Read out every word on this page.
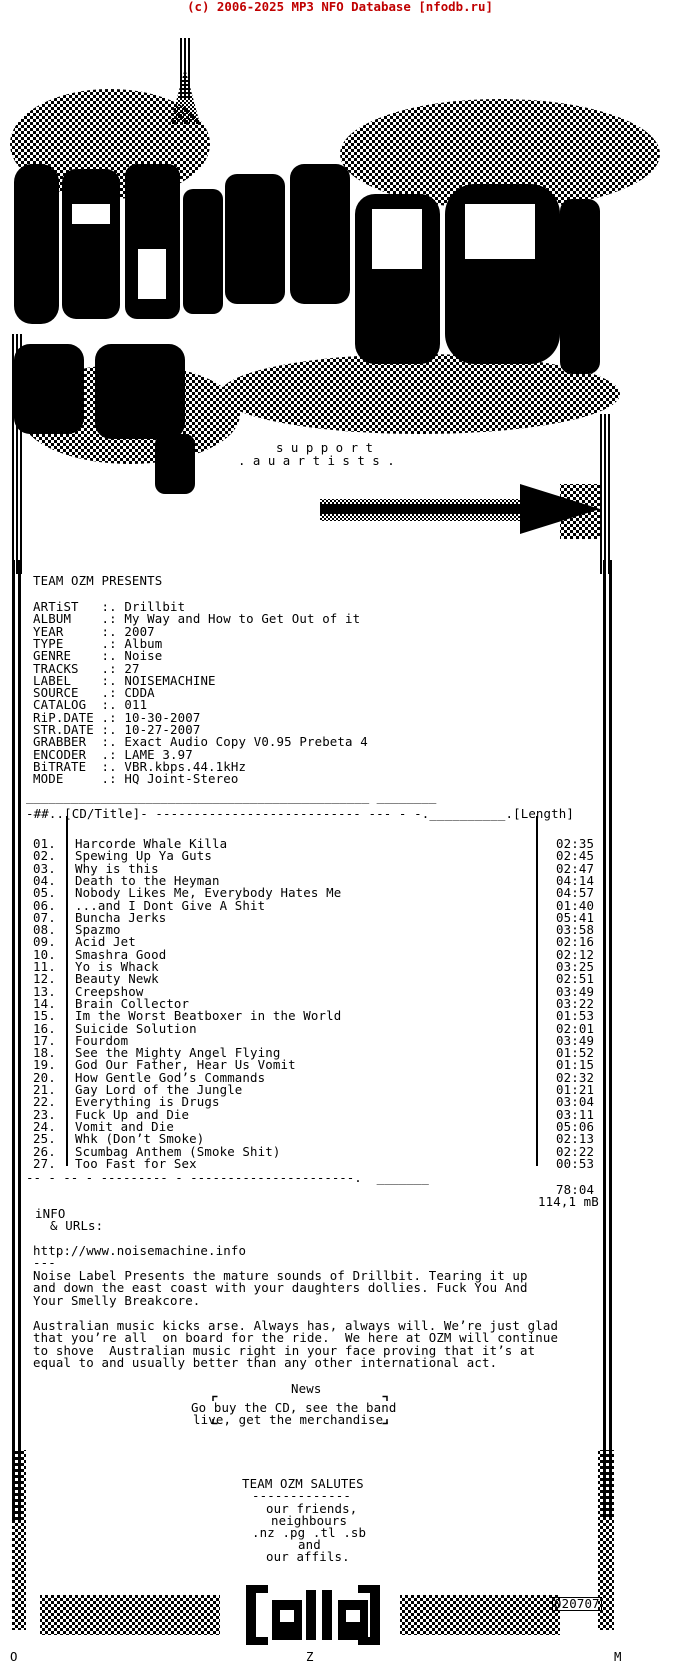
(c) 2006-2025 MP3 NFO Database [nfodb.ru]
[mR]
s u p p o r t
. a u a r t i s t s .
TEAM OZM PRESENTS
ARTiST   :. Drillbit
ALBUM    .: My Way and How to Get Out of it
YEAR     :. 2007
TYPE     .: Album
GENRE    :. Noise
TRACKS   .: 27
LABEL    :. NOISEMACHINE
SOURCE   .: CDDA
CATALOG  :. 011
RiP.DATE .: 10-30-2007
STR.DATE :. 10-27-2007
GRABBER  :. Exact Audio Copy V0.95 Prebeta 4
ENCODER  .: LAME 3.97
BiTRATE  :. VBR.kbps.44.1kHz
MODE     .: HQ Joint-Stereo
______________________________________________ ________
-##..[CD/Title]- --------------------------- --- - -.__________.[Length]
01. Harcorde Whale Killa	02:35
02. Spewing Up Ya Guts	02:45
03. Why is this	02:47
04. Death to the Heyman	04:14
05. Nobody Likes Me, Everybody Hates Me	04:57
06. ...and I Dont Give A Shit	01:40
07. Buncha Jerks	05:41
08. Spazmo	03:58
09. Acid Jet	02:16
10. Smashra Good	02:12
11. Yo is Whack	03:25
12. Beauty Newk	02:51
13. Creepshow	03:49
14. Brain Collector	03:22
15. Im the Worst Beatboxer in the World	01:53
16. Suicide Solution	02:01
17. Fourdom	03:49
18. See the Mighty Angel Flying	01:52
19. God Our Father, Hear Us Vomit	01:15
20. How Gentle God’s Commands	02:32
21. Gay Lord of the Jungle	01:21
22. Everything is Drugs	03:04
23. Fuck Up and Die	03:11
24. Vomit and Die	05:06
25. Whk (Don’t Smoke)	02:13
26. Scumbag Anthem (Smoke Shit)	02:22
27. Too Fast for Sex	00:53
-- - -- - --------- - ----------------------.  _______
78:04
114,1 mB
iNFO
& URLs:
http://www.noisemachine.info
---
Noise Label Presents the mature sounds of Drillbit. Tearing it up
and down the east coast with your daughters dollies. Fuck You And
Your Smelly Breakcore.
Australian music kicks arse. Always has, always will. We’re just glad
that you’re all  on board for the ride.  We here at OZM will continue
to shove  Australian music right in your face proving that it’s at
equal to and usually better than any other international act.
News
Go buy the CD, see the band
live, get the merchandise.
TEAM OZM SALUTES
-------------
our friends,
neighbours
.nz .pg .tl .sb
and
our affils.
020707
O	Z	M
